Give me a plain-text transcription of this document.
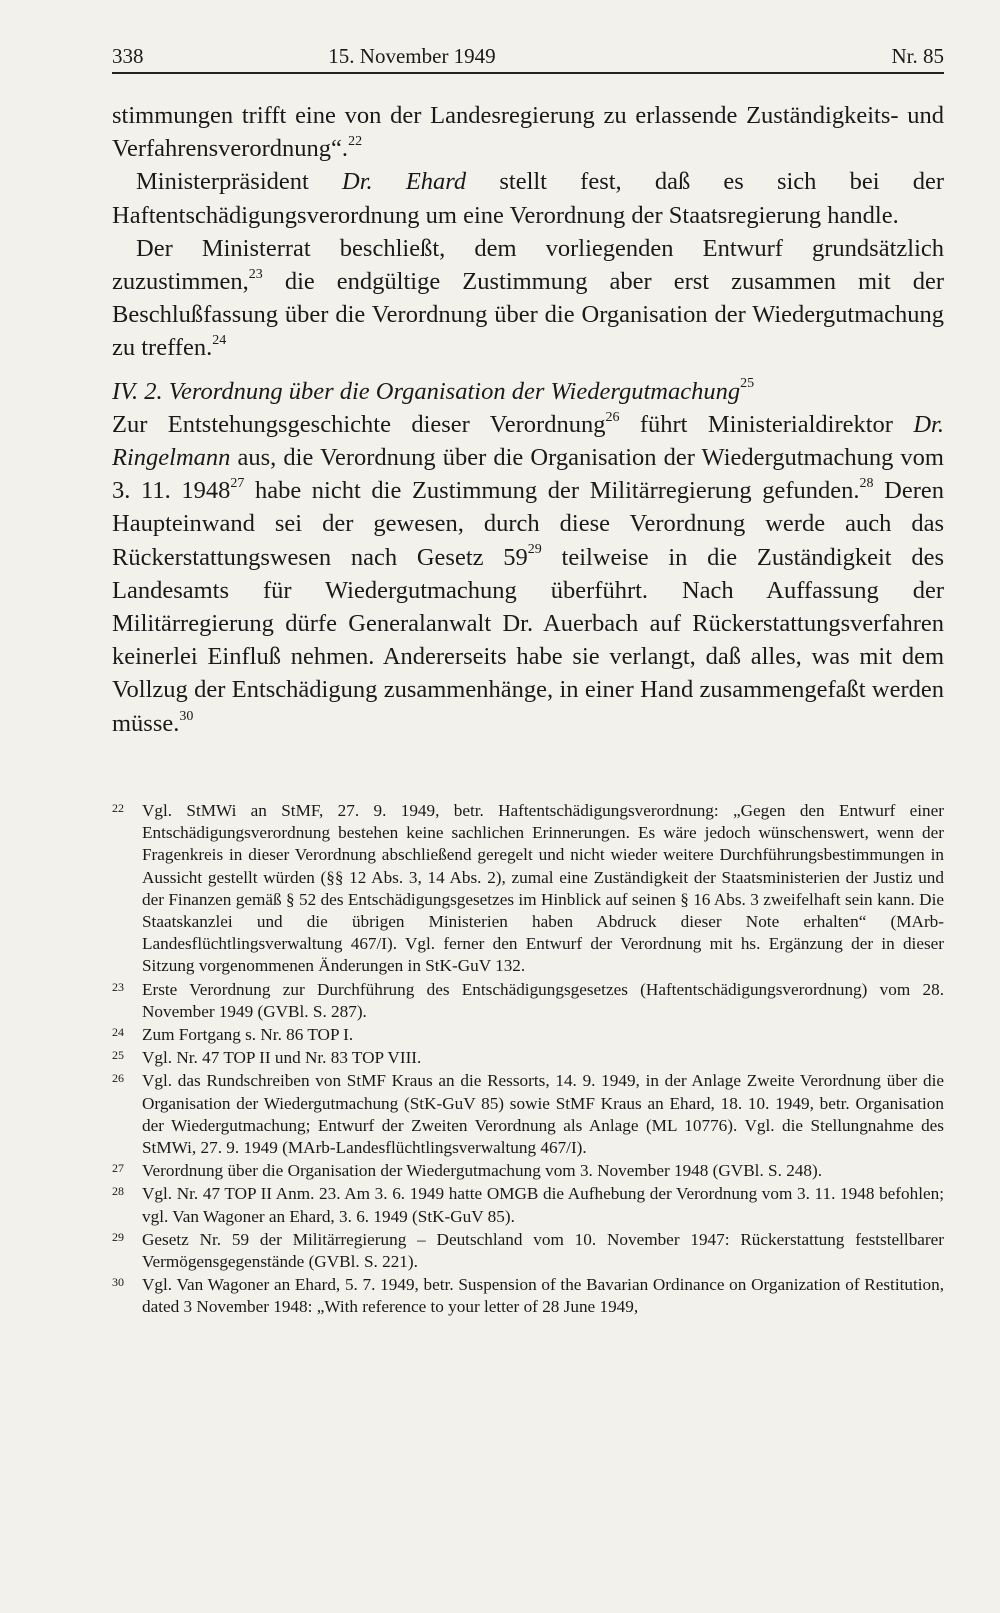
338	15. November 1949	Nr. 85

stimmungen trifft eine von der Landesregierung zu erlassende Zuständigkeits- und Verfahrensverordnung“.$^{22}$

Ministerpräsident Dr. Ehard stellt fest, daß es sich bei der Haftentschädigungsverordnung um eine Verordnung der Staatsregierung handle.

Der Ministerrat beschließt, dem vorliegenden Entwurf grundsätzlich zuzustimmen,$^{23}$ die endgültige Zustimmung aber erst zusammen mit der Beschlußfassung über die Verordnung über die Organisation der Wiedergutmachung zu treffen.$^{24}$

IV. 2. Verordnung über die Organisation der Wiedergutmachung$^{25}$

Zur Entstehungsgeschichte dieser Verordnung$^{26}$ führt Ministerialdirektor Dr. Ringelmann aus, die Verordnung über die Organisation der Wiedergutmachung vom 3. 11. 1948$^{27}$ habe nicht die Zustimmung der Militärregierung gefunden.$^{28}$ Deren Haupteinwand sei der gewesen, durch diese Verordnung werde auch das Rückerstattungswesen nach Gesetz $59^{29}$ teilweise in die Zuständigkeit des Landesamts für Wiedergutmachung überführt. Nach Auffassung der Militärregierung dürfe Generalanwalt Dr. Auerbach auf Rückerstattungsverfahren keinerlei Einfluß nehmen. Andererseits habe sie verlangt, daß alles, was mit dem Vollzug der Entschädigung zusammenhänge, in einer Hand zusammengefaßt werden müsse.$^{30}$

22 Vgl. StMWi an StMF, 27. 9. 1949, betr. Haftentschädigungsverordnung: „Gegen den Entwurf einer Entschädigungsverordnung bestehen keine sachlichen Erinnerungen. Es wäre jedoch wünschenswert, wenn der Fragenkreis in dieser Verordnung abschließend geregelt und nicht wieder weitere Durchführungsbestimmungen in Aussicht gestellt würden (§§ 12 Abs. 3, 14 Abs. 2), zumal eine Zuständigkeit der Staatsministerien der Justiz und der Finanzen gemäß § 52 des Entschädigungsgesetzes im Hinblick auf seinen § 16 Abs. 3 zweifelhaft sein kann. Die Staatskanzlei und die übrigen Ministerien haben Abdruck dieser Note erhalten“ (MArb-Landesflüchtlingsverwaltung 467/I). Vgl. ferner den Entwurf der Verordnung mit hs. Ergänzung der in dieser Sitzung vorgenommenen Änderungen in StK-GuV 132.

23 Erste Verordnung zur Durchführung des Entschädigungsgesetzes (Haftentschädigungsverordnung) vom 28. November 1949 (GVBl. S. 287).

24 Zum Fortgang s. Nr. 86 TOP I.

25 Vgl. Nr. 47 TOP II und Nr. 83 TOP VIII.

26 Vgl. das Rundschreiben von StMF Kraus an die Ressorts, 14. 9. 1949, in der Anlage Zweite Verordnung über die Organisation der Wiedergutmachung (StK-GuV 85) sowie StMF Kraus an Ehard, 18. 10. 1949, betr. Organisation der Wiedergutmachung; Entwurf der Zweiten Verordnung als Anlage (ML 10776). Vgl. die Stellungnahme des StMWi, 27. 9. 1949 (MArb-Landesflüchtlingsverwaltung 467/I).

27 Verordnung über die Organisation der Wiedergutmachung vom 3. November 1948 (GVBl. S. 248).

28 Vgl. Nr. 47 TOP II Anm. 23. Am 3. 6. 1949 hatte OMGB die Aufhebung der Verordnung vom 3. 11. 1948 befohlen; vgl. Van Wagoner an Ehard, 3. 6. 1949 (StK-GuV 85).

29 Gesetz Nr. 59 der Militärregierung – Deutschland vom 10. November 1947: Rückerstattung feststellbarer Vermögensgegenstände (GVBl. S. 221).

30 Vgl. Van Wagoner an Ehard, 5. 7. 1949, betr. Suspension of the Bavarian Ordinance on Organization of Restitution, dated 3 November 1948: „With reference to your letter of 28 June 1949,
